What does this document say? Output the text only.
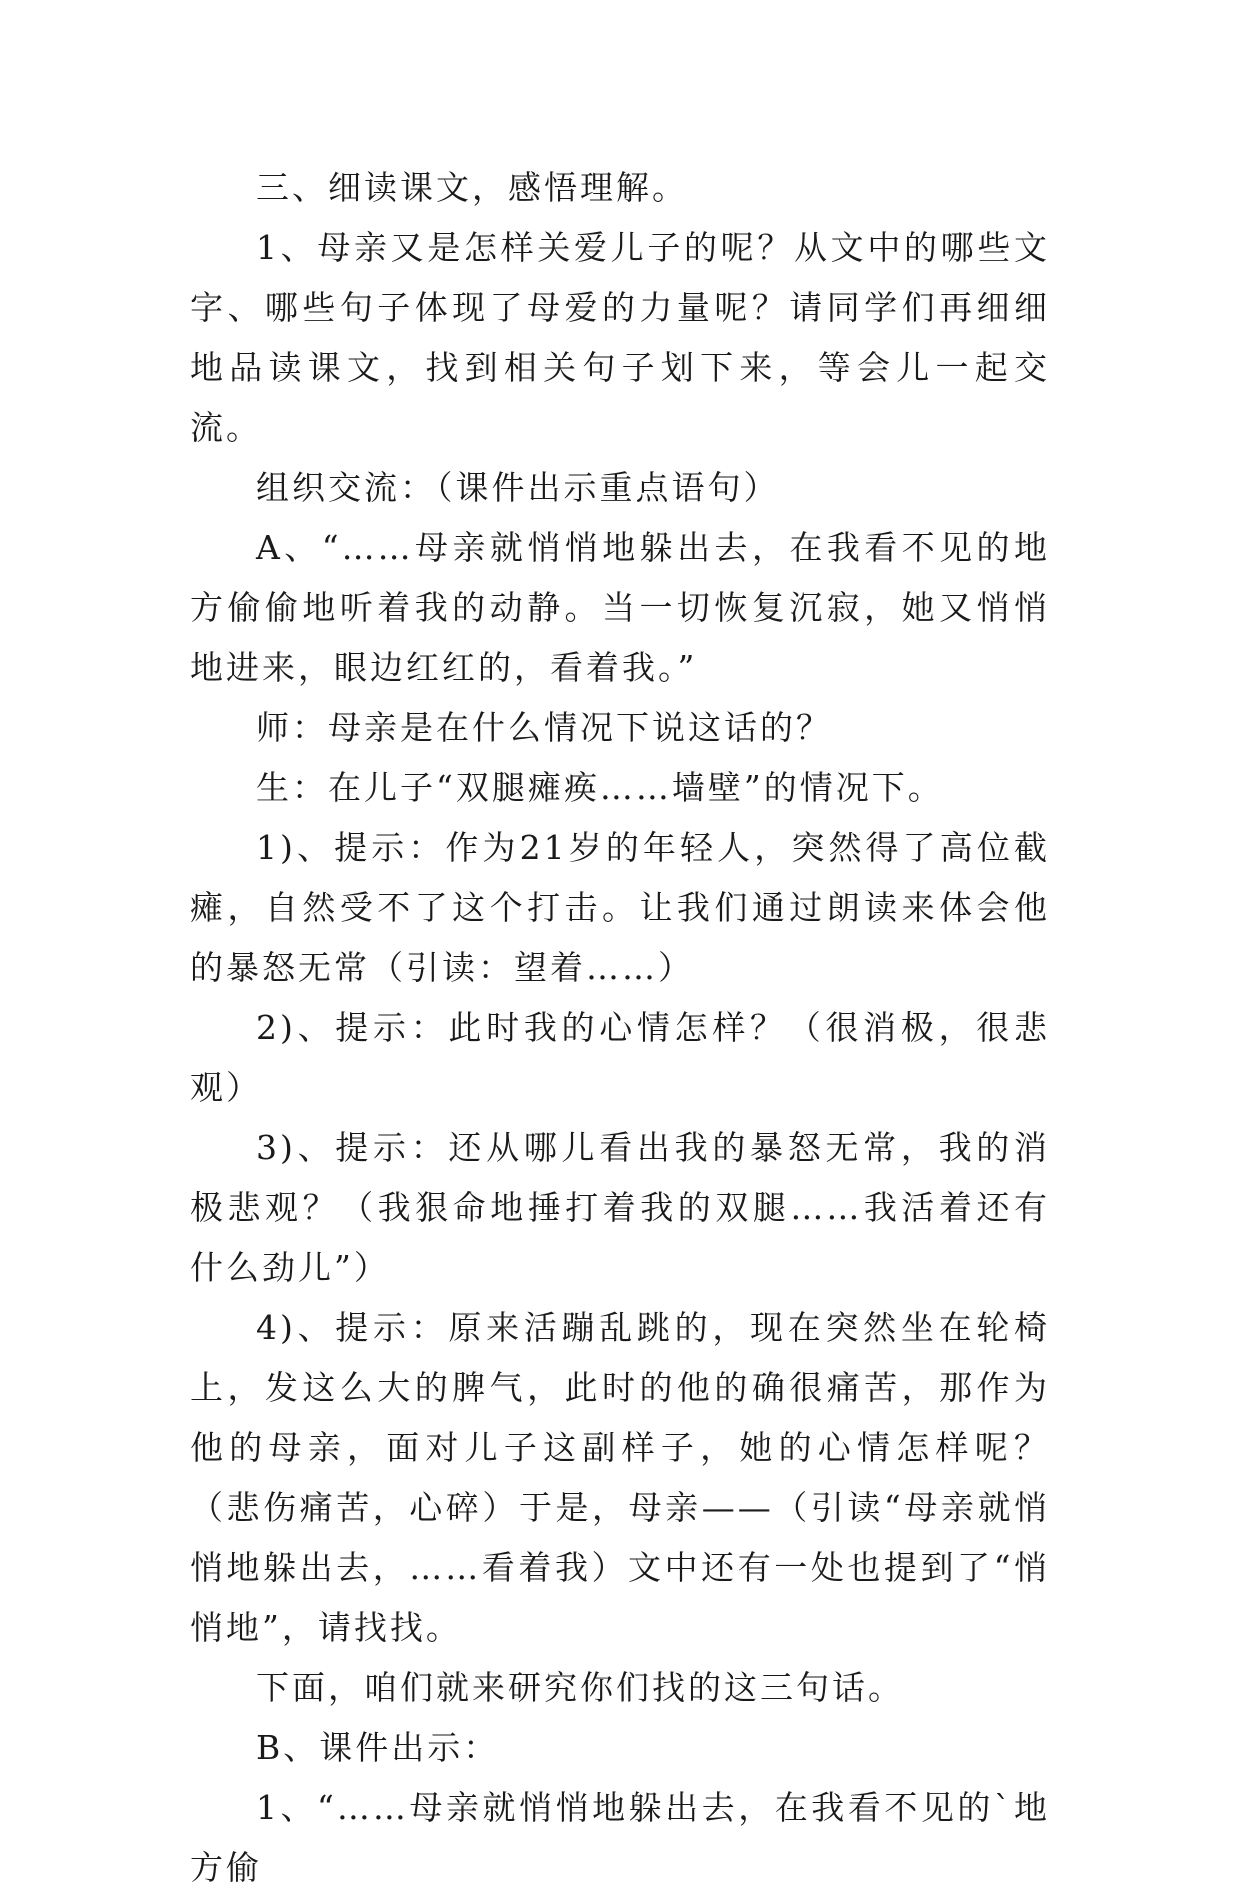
三、细读课文，感悟理解。

1、母亲又是怎样关爱儿子的呢？从文中的哪些文字、哪些句子体现了母爱的力量呢？请同学们再细细地品读课文，找到相关句子划下来，等会儿一起交流。

组织交流：（课件出示重点语句）

A、“……母亲就悄悄地躲出去，在我看不见的地方偷偷地听着我的动静。当一切恢复沉寂，她又悄悄地进来，眼边红红的，看着我。”

师：母亲是在什么情况下说这话的？

生：在儿子“双腿瘫痪……墙壁”的情况下。

1)、提示：作为21岁的年轻人，突然得了高位截瘫，自然受不了这个打击。让我们通过朗读来体会他的暴怒无常（引读：望着……）

2)、提示：此时我的心情怎样？（很消极，很悲观）

3)、提示：还从哪儿看出我的暴怒无常，我的消极悲观？（我狠命地捶打着我的双腿……我活着还有什么劲儿”）

4)、提示：原来活蹦乱跳的，现在突然坐在轮椅上，发这么大的脾气，此时的他的确很痛苦，那作为他的母亲，面对儿子这副样子，她的心情怎样呢？（悲伤痛苦，心碎）于是，母亲——（引读“母亲就悄悄地躲出去，……看着我）文中还有一处也提到了“悄悄地”，请找找。

下面，咱们就来研究你们找的这三句话。

B、课件出示：

1、“……母亲就悄悄地躲出去，在我看不见的`地方偷
